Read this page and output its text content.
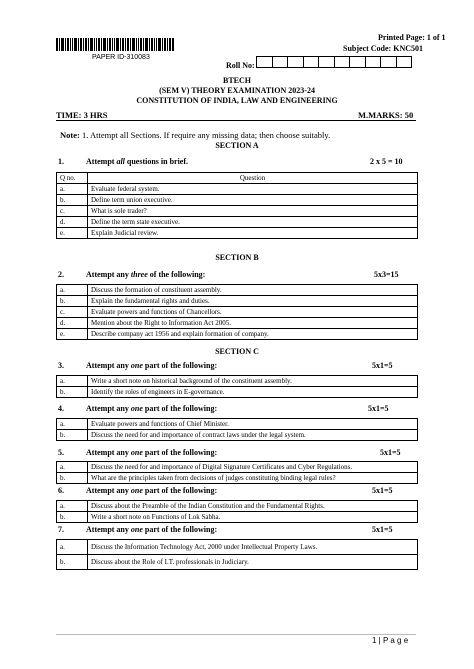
PAPER ID-310083
Printed Page: 1 of 1
Subject Code: KNC501
Roll No:

BTECH
(SEM V) THEORY EXAMINATION 2023-24
CONSTITUTION OF INDIA, LAW AND ENGINEERING
TIME: 3 HRS	M.MARKS: 50
Note: 1. Attempt all Sections. If require any missing data; then choose suitably.
SECTION A
1.	Attempt all questions in brief.	2 x 5 = 10
Q no.	Question
a.	Evaluate federal system.
b.	Define term union executive.
c.	What is sole trader?
d.	Define the term state executive.
e.	Explain Judicial review.
SECTION B
2.	Attempt any three of the following:	5x3=15
a.	Discuss the formation of constituent assembly.
b.	Explain the fundamental rights and duties.
c.	Evaluate powers and functions of Chancellors.
d.	Mention about the Right to Information Act 2005.
e.	Describe company act 1956 and explain formation of company.
SECTION C
3.	Attempt any one part of the following:	5x1=5
a.	Write a short note on historical background of the constituent assembly.
b.	Identify the roles of engineers in E-governance.
4.	Attempt any one part of the following:	5x1=5
a.	Evaluate powers and functions of Chief Minister.
b.	Discuss the need for and importance of contract laws under the legal system.
5.	Attempt any one part of the following:	5x1=5
a.	Discuss the need for and importance of Digital Signature Certificates and Cyber Regulations.
b.	What are the principles taken from decisions of judges constituting binding legal rules?
6.	Attempt any one part of the following:	5x1=5
a.	Discuss about the Preamble of the Indian Constitution and the Fundamental Rights.
b.	Write a short note on Functions of Lok Sabha.
7.	Attempt any one part of the following:	5x1=5
a.	Discuss the Information Technology Act, 2000 under Intellectual Property Laws.
b.	Discuss about the Role of I.T. professionals in Judiciary.
1 | P a g e
